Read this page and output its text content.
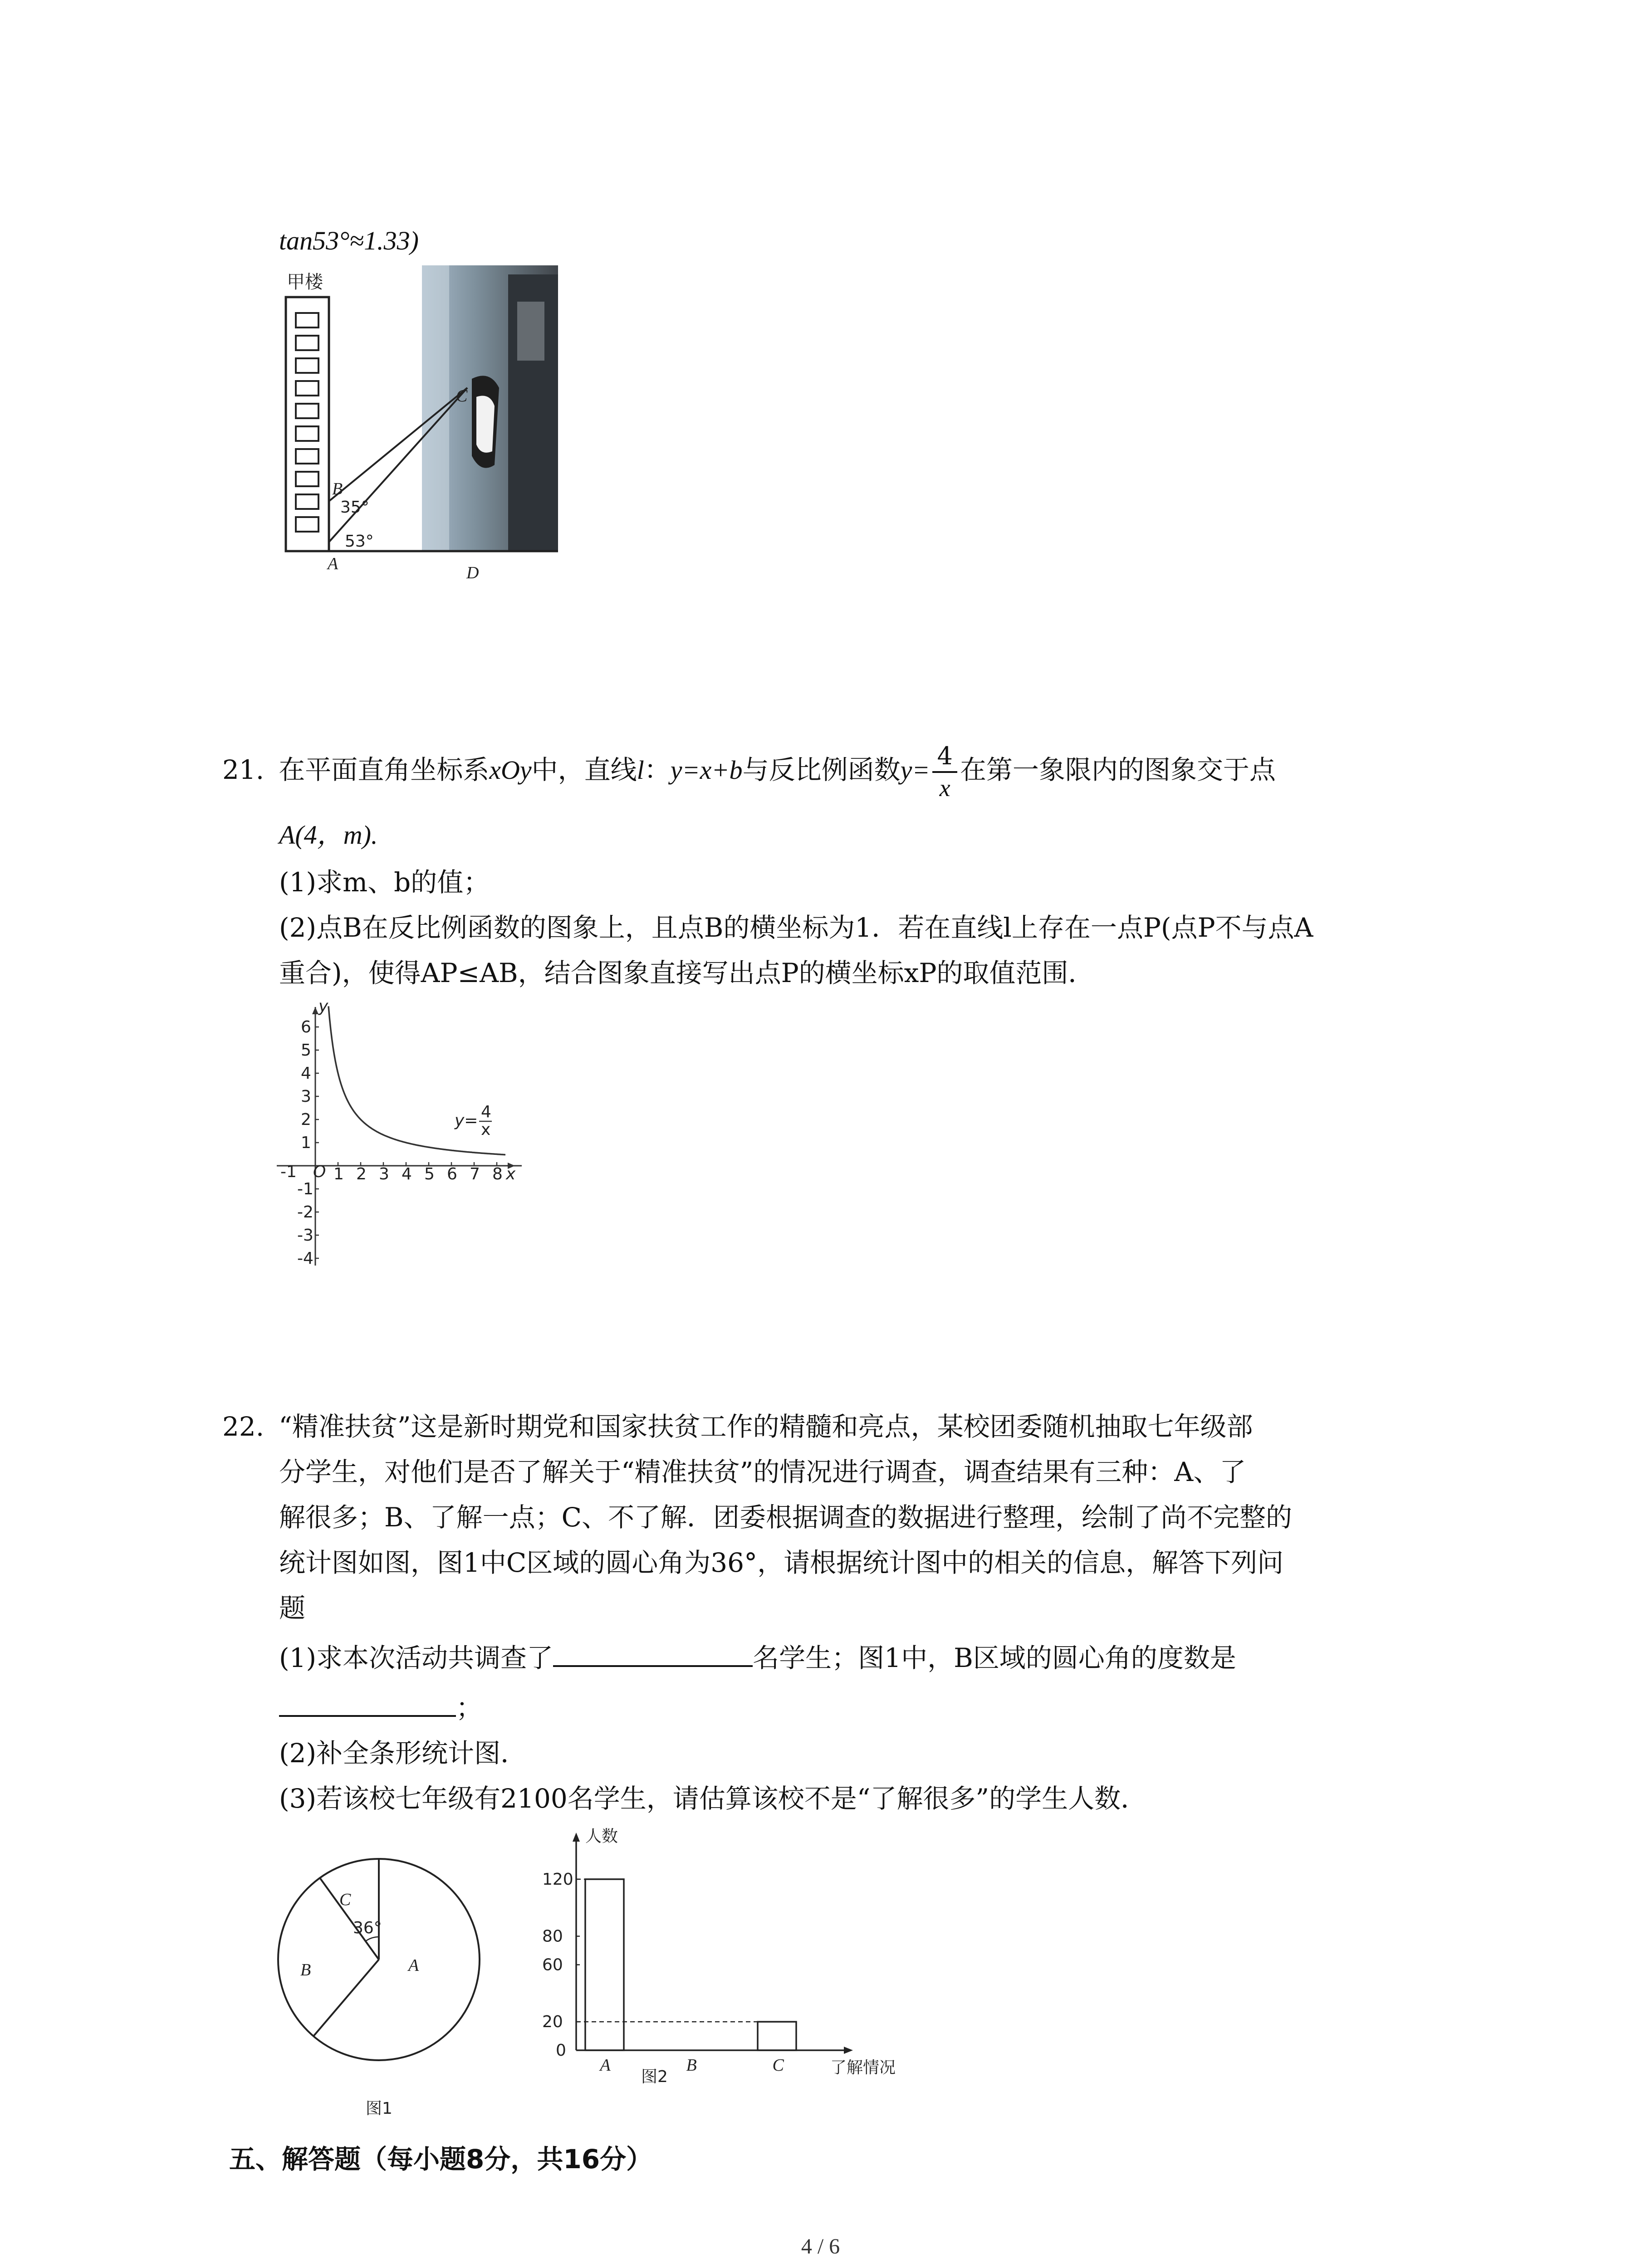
tan53°≈1.33)
甲楼
A
B
C
D
35°
53°
21. 在平面直角坐标系xOy中，直线l：y=x+b与反比例函数$y= \frac{4}{x}$ 在第一象限内的图象交于点
A(4，m).
(1)求m、b的值；
(2)点B在反比例函数的图象上，且点B的横坐标为1．若在直线l上存在一点P(点P不与点A
重合)，使得AP≤AB，结合图象直接写出点P的横坐标xP的取值范围．
y
x
1 2 3 4 5 6 7 8
6
5
4
3
2
1
-1
-2
-3
-4
O
-1
y= 4
x
22. “精准扶贫”这是新时期党和国家扶贫工作的精髓和亮点，某校团委随机抽取七年级部
分学生，对他们是否了解关于“精准扶贫”的情况进行调查，调查结果有三种：A、了
解很多；B、了解一点；C、不了解．团委根据调查的数据进行整理，绘制了尚不完整的
统计图如图，图1中C区域的圆心角为36°，请根据统计图中的相关的信息，解答下列问
题
(1)求本次活动共调查了	名学生；图1中，B区域的圆心角的度数是
；
(2)补全条形统计图．
(3)若该校七年级有2100名学生，请估算该校不是“了解很多”的学生人数．
C
36°
B	A
图1
人数
了解情况
0
20
60
80
120
A	B	C
图2
五、解答题（每小题8分，共16分）
4 / 6
